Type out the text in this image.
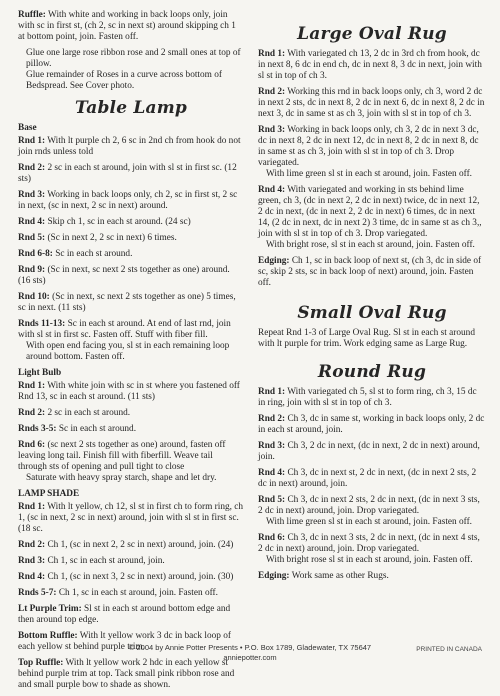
Ruffle: With white and working in back loops only, join with sc in first st, (ch 2, sc in next st) around skipping ch 1 at bottom point, join. Fasten off.

Glue one large rose ribbon rose and 2 small ones at top of pillow.

Glue remainder of Roses in a curve across bottom of Bedspread. See Cover photo.

Table Lamp
Base

Rnd 1: With lt purple ch 2, 6 sc in 2nd ch from hook do not join rnds unless told

Rnd 2: 2 sc in each st around, join with sl st in first sc. (12 sts)

Rnd 3: Working in back loops only, ch 2, sc in first st, 2 sc in next, (sc in next, 2 sc in next) around.

Rnd 4: Skip ch 1, sc in each st around. (24 sc)

Rnd 5: (Sc in next 2, 2 sc in next) 6 times.

Rnd 6-8: Sc in each st around.

Rnd 9: (Sc in next, sc next 2 sts together as one) around. (16 sts)

Rnd 10: (Sc in next, sc next 2 sts together as one) 5 times, sc in next. (11 sts)

Rnds 11-13: Sc in each st around. At end of last rnd, join with sl st in first sc. Fasten off. Stuff with fiber fill.

With open end facing you, sl st in each remaining loop around bottom. Fasten off.

Light Bulb

Rnd 1: With white join with sc in st where you fastened off Rnd 13, sc in each st around. (11 sts)

Rnd 2: 2 sc in each st around.

Rnds 3-5: Sc in each st around.

Rnd 6: (sc next 2 sts together as one) around, fasten off leaving long tail. Finish fill with fiberfill. Weave tail through sts of opening and pull tight to close

Saturate with heavy spray starch, shape and let dry.

LAMP SHADE

Rnd 1: With lt yellow, ch 12, sl st in first ch to form ring, ch 1, (sc in next, 2 sc in next) around, join with sl st in first sc. (18 sc.

Rnd 2: Ch 1, (sc in next 2, 2 sc in next) around, join. (24)

Rnd 3: Ch 1, sc in each st around, join.

Rnd 4: Ch 1, (sc in next 3, 2 sc in next) around, join. (30)

Rnds 5-7: Ch 1, sc in each st around, join. Fasten off.

Lt Purple Trim: Sl st in each st around bottom edge and then around top edge.

Bottom Ruffle: With lt yellow work 3 dc in back loop of each yellow st behind purple trim.

Top Ruffle: With lt yellow work 2 hdc in each yellow st behind purple trim at top. Tack small pink ribbon rose and and small purple bow to shade as shown.

Large Oval Rug

Rnd 1: With variegated ch 13, 2 dc in 3rd ch from hook, dc in next 8, 6 dc in end ch, dc in next 8, 3 dc in next, join with sl st in top of ch 3.

Rnd 2: Working this rnd in back loops only, ch 3, word 2 dc in next 2 sts, dc in next 8, 2 dc in next 6, dc in next 8, 2 dc in next 3, dc in same st as ch 3, join with sl st in top of ch 3.

Rnd 3: Working in back loops only, ch 3, 2 dc in next 3 dc, dc in next 8, 2 dc in next 12, dc in next 8, 2 dc in next 8, dc in same st as ch 3, join with sl st in top of ch 3. Drop variegated.

With lime green sl st in each st around, join. Fasten off.

Rnd 4: With variegated and working in sts behind lime green, ch 3, (dc in next 2, 2 dc in next) twice, dc in next 12, 2 dc in next, (dc in next 2, 2 dc in next) 6 times, dc in next 14, (2 dc in next, dc in next 2) 3 time, dc in same st as ch 3,, join with sl st in top of ch 3. Drop variegated.

With bright rose, sl st in each st around, join. Fasten off.

Edging: Ch 1, sc in back loop of next st, (ch 3, dc in side of sc, skip 2 sts, sc in back loop of next) around, join. Fasten off.

Small Oval Rug

Repeat Rnd 1-3 of Large Oval Rug. Sl st in each st around with lt purple for trim. Work edging same as Large Rug.

Round Rug

Rnd 1: With variegated ch 5, sl st to form ring, ch 3, 15 dc in ring, join with sl st in top of ch 3.

Rnd 2: Ch 3, dc in same st, working in back loops only, 2 dc in each st around, join.

Rnd 3: Ch 3, 2 dc in next, (dc in next, 2 dc in next) around, join.

Rnd 4: Ch 3, dc in next st, 2 dc in next, (dc in next 2 sts, 2 dc in next) around, join.

Rnd 5: Ch 3, dc in next 2 sts, 2 dc in next, (dc in next 3 sts, 2 dc in next) around, join. Drop variegated.

With lime green sl st in each st around, join. Fasten off.

Rnd 6: Ch 3, dc in next 3 sts, 2 dc in next, (dc in next 4 sts, 2 dc in next) around, join. Drop variegated.

With bright rose sl st in each st around, join. Fasten off.

Edging: Work same as other Rugs.

© 2004 by Annie Potter Presents • P.O. Box 1789, Gladewater, TX 75647
anniepotter.com
PRINTED IN CANADA
